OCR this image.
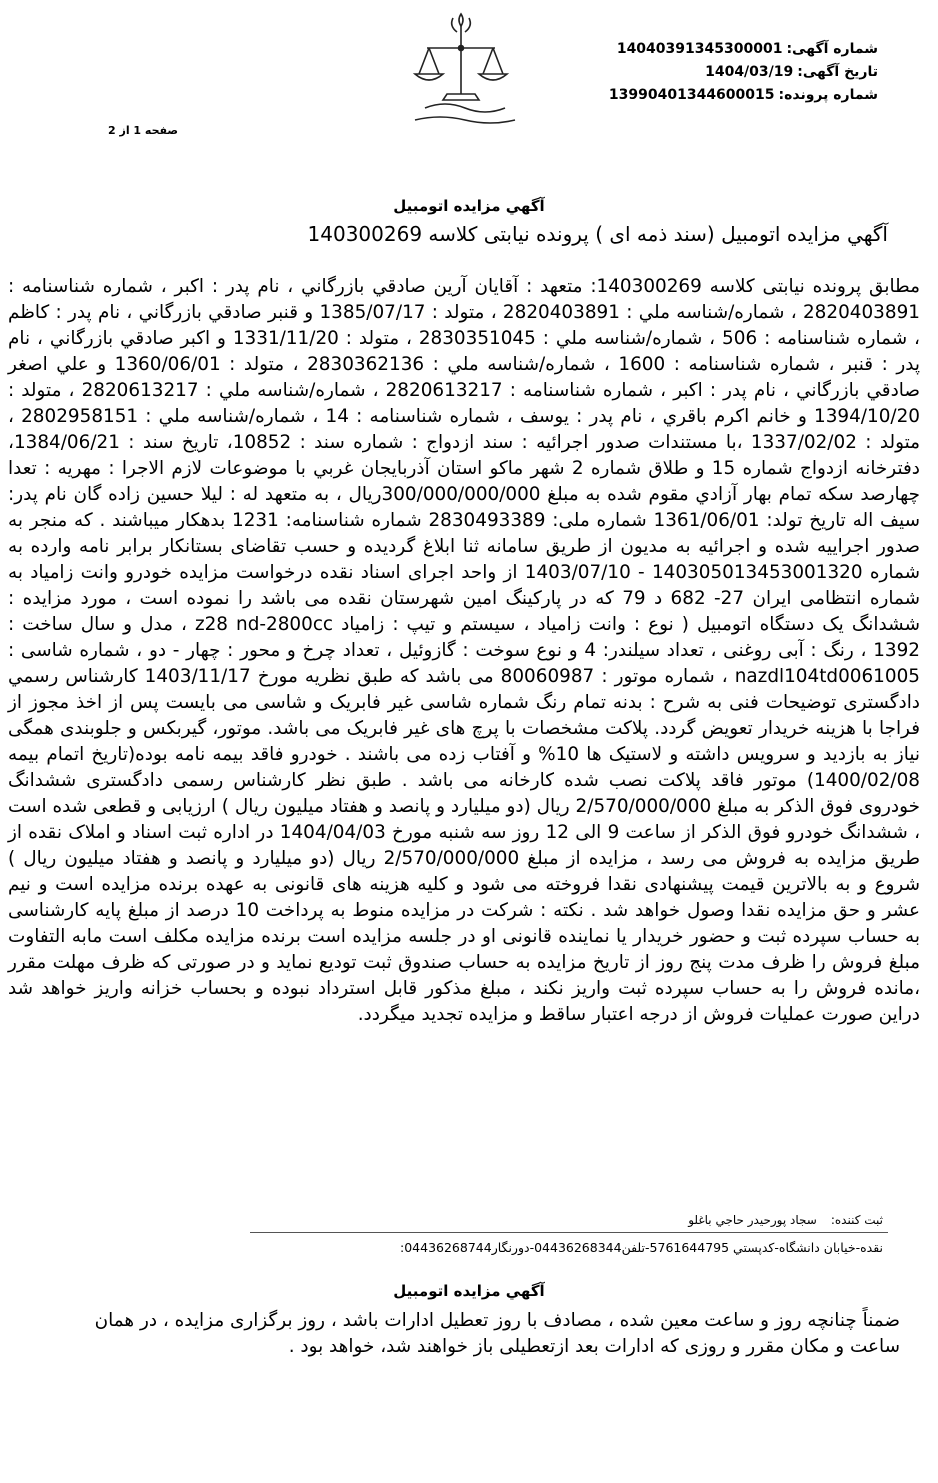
شماره آگهی:14040391345300001
تاریخ آگهی:1404/03/19
شماره پرونده:13990401344600015
صفحه 1 از 2
آگهي مزايده اتومبيل
آگهي مزايده اتومبيل (سند ذمه ای ) پرونده نيابتی كلاسه 140300269
مطابق پرونده نيابتی كلاسه 140300269: متعهد : آقايان آرين صادقي بازرگاني ، نام پدر : اكبر ، شماره شناسنامه : 2820403891 ، شماره/شناسه ملي : 2820403891 ، متولد : 1385/07/17 و قنبر صادقي بازرگاني ، نام پدر : كاظم ، شماره شناسنامه : 506 ، شماره/شناسه ملي : 2830351045 ، متولد : 1331/11/20 و اكبر صادقي بازرگاني ، نام پدر : قنبر ، شماره شناسنامه : 1600 ، شماره/شناسه ملي : 2830362136 ، متولد : 1360/06/01 و علي اصغر صادقي بازرگاني ، نام پدر : اكبر ، شماره شناسنامه : 2820613217 ، شماره/شناسه ملي : 2820613217 ، متولد : 1394/10/20 و خانم اكرم باقري ، نام پدر : يوسف ، شماره شناسنامه : 14 ، شماره/شناسه ملي : 2802958151 ، متولد : 1337/02/02 ،با مستندات صدور اجرائيه : سند ازدواج : شماره سند : 10852، تاريخ سند : 1384/06/21، دفترخانه ازدواج شماره 15 و طلاق شماره 2 شهر ماكو استان آذربايجان غربي با موضوعات لازم الاجرا : مهريه : تعدا چهارصد سكه تمام بهار آزادي مقوم شده به مبلغ 300/000/000/000ريال ، به متعهد له : ليلا حسين زاده گان نام پدر: سيف اله تاريخ تولد: 1361/06/01 شماره ملی: 2830493389 شماره شناسنامه: 1231 بدهكار ميباشند . كه منجر به صدور اجراييه شده و اجرائيه به مديون از طريق سامانه ثنا ابلاغ گرديده و حسب تقاضای بستانكار برابر نامه وارده به شماره 140305013453001320 - 1403/07/10 از واحد اجرای اسناد نقده درخواست مزايده خودرو وانت زامياد به شماره انتظامی ايران 27- 682 د 79 كه در پاركينگ امين شهرستان نقده می باشد را نموده است ، مورد مزايده : ششدانگ يک دستگاه اتومبيل ( نوع : وانت زامياد ، سيستم و تيپ : زامياد z28 nd-2800cc ، مدل و سال ساخت : 1392 ، رنگ : آبی روغنی ، تعداد سيلندر: 4 و نوع سوخت : گازوئيل ، تعداد چرخ و محور : چهار - دو ، شماره شاسی : nazdl104td0061005 ، شماره موتور : 80060987 می باشد كه طبق نظريه مورخ 1403/11/17 كارشناس رسمي دادگستری توضيحات فنی به شرح : بدنه تمام رنگ شماره شاسی غير فابريک و شاسی می بايست پس از اخذ مجوز از فراجا با هزينه خريدار تعويض گردد. پلاكت مشخصات با پرچ های غير فابريک می باشد. موتور، گيربكس و جلوبندی همگی نياز به بازديد و سرويس داشته و لاستيک ها 10% و آفتاب زده می باشند . خودرو فاقد بيمه نامه بوده(تاريخ اتمام بيمه 1400/02/08) موتور فاقد پلاكت نصب شده كارخانه می باشد . طبق نظر كارشناس رسمی دادگستری ششدانگ خودروی فوق الذكر به مبلغ 2/570/000/000 ريال (دو ميليارد و پانصد و هفتاد ميليون ريال ) ارزيابی و قطعی شده است ، ششدانگ خودرو فوق الذكر از ساعت 9 الی 12 روز سه شنبه مورخ 1404/04/03 در اداره ثبت اسناد و املاک نقده از طريق مزايده به فروش می رسد ، مزايده از مبلغ 2/570/000/000 ريال (دو ميليارد و پانصد و هفتاد ميليون ريال ) شروع و به بالاترين قيمت پيشنهادی نقدا فروخته می شود و كليه هزينه های قانونی به عهده برنده مزايده است و نيم عشر و حق مزايده نقدا وصول خواهد شد . نكته : شركت در مزايده منوط به پرداخت 10 درصد از مبلغ پايه كارشناسی به حساب سپرده ثبت و حضور خريدار يا نماينده قانونی او در جلسه مزايده است برنده مزايده مكلف است مابه التفاوت مبلغ فروش را ظرف مدت پنج روز از تاريخ مزايده به حساب صندوق ثبت توديع نمايد و در صورتی كه ظرف مهلت مقرر ،مانده فروش را به حساب سپرده ثبت واريز نكند ، مبلغ مذكور قابل استرداد نبوده و بحساب خزانه واريز خواهد شد دراين صورت عمليات فروش از درجه اعتبار ساقط و مزايده تجديد ميگردد.
ثبت كننده:سجاد پورحيدر حاجي باغلو
نقده-خيابان دانشگاه-كدپستي 5761644795-تلفن04436268344-دورنگار04436268744:
آگهي مزايده اتومبيل
ضمناً چنانچه روز و ساعت معين شده ، مصادف با روز تعطيل ادارات باشد ، روز برگزاری مزايده ، در همان ساعت و مكان مقرر و روزی كه ادارات بعد ازتعطيلی باز خواهند شد، خواهد بود .
